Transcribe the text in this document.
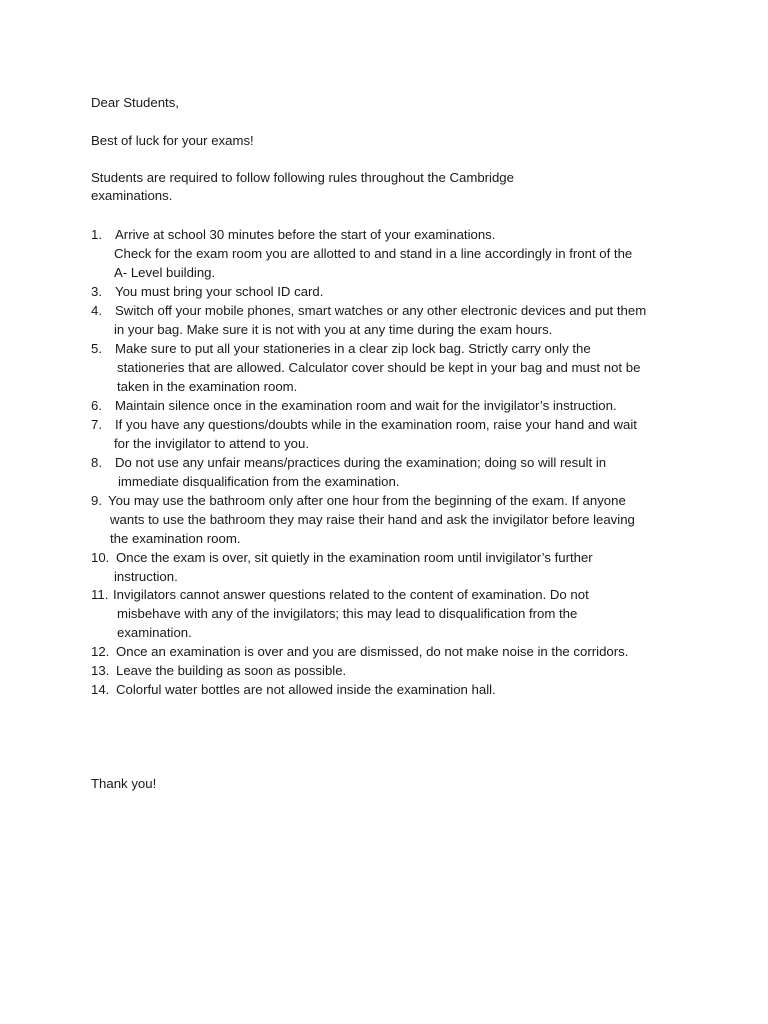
Dear Students,
Best of luck for your exams!
Students are required to follow following rules throughout the Cambridge
examinations.
1. Arrive at school 30 minutes before the start of your examinations.
Check for the exam room you are allotted to and stand in a line accordingly in front of the
A- Level building.
3. You must bring your school ID card.
4. Switch off your mobile phones, smart watches or any other electronic devices and put them
in your bag. Make sure it is not with you at any time during the exam hours.
5. Make sure to put all your stationeries in a clear zip lock bag. Strictly carry only the
stationeries that are allowed. Calculator cover should be kept in your bag and must not be
taken in the examination room.
6. Maintain silence once in the examination room and wait for the invigilator’s instruction.
7. If you have any questions/doubts while in the examination room, raise your hand and wait
for the invigilator to attend to you.
8. Do not use any unfair means/practices during the examination; doing so will result in
immediate disqualification from the examination.
9. You may use the bathroom only after one hour from the beginning of the exam. If anyone
wants to use the bathroom they may raise their hand and ask the invigilator before leaving
the examination room.
10. Once the exam is over, sit quietly in the examination room until invigilator’s further
instruction.
11. Invigilators cannot answer questions related to the content of examination. Do not
misbehave with any of the invigilators; this may lead to disqualification from the
examination.
12. Once an examination is over and you are dismissed, do not make noise in the corridors.
13. Leave the building as soon as possible.
14. Colorful water bottles are not allowed inside the examination hall.
Thank you!
